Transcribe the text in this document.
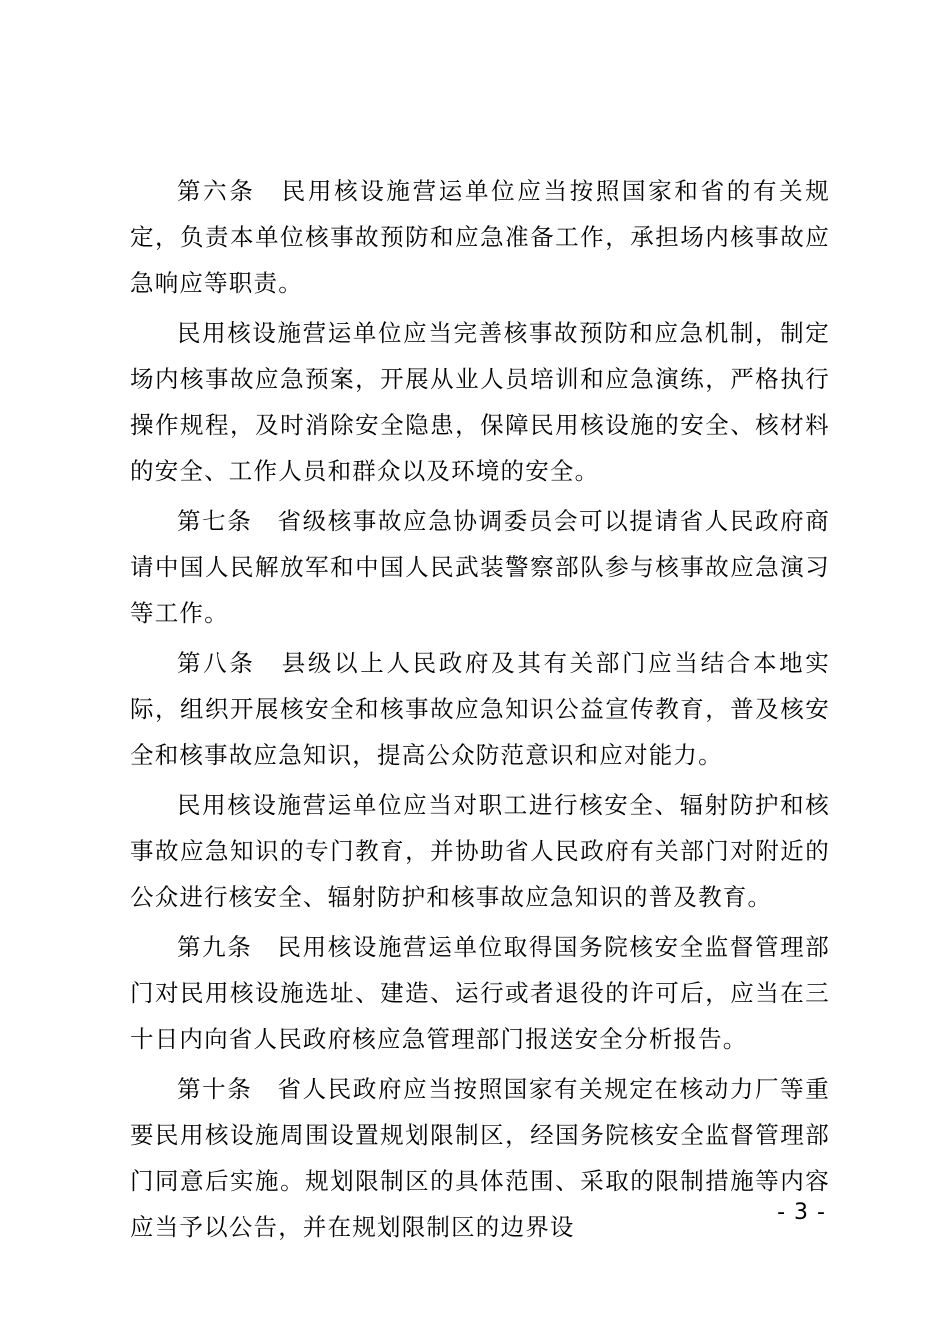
第六条　民用核设施营运单位应当按照国家和省的有关规定，负责本单位核事故预防和应急准备工作，承担场内核事故应急响应等职责。

民用核设施营运单位应当完善核事故预防和应急机制，制定场内核事故应急预案，开展从业人员培训和应急演练，严格执行操作规程，及时消除安全隐患，保障民用核设施的安全、核材料的安全、工作人员和群众以及环境的安全。

第七条　省级核事故应急协调委员会可以提请省人民政府商请中国人民解放军和中国人民武装警察部队参与核事故应急演习等工作。

第八条　县级以上人民政府及其有关部门应当结合本地实际，组织开展核安全和核事故应急知识公益宣传教育，普及核安全和核事故应急知识，提高公众防范意识和应对能力。

民用核设施营运单位应当对职工进行核安全、辐射防护和核事故应急知识的专门教育，并协助省人民政府有关部门对附近的公众进行核安全、辐射防护和核事故应急知识的普及教育。

第九条　民用核设施营运单位取得国务院核安全监督管理部门对民用核设施选址、建造、运行或者退役的许可后，应当在三十日内向省人民政府核应急管理部门报送安全分析报告。

第十条　省人民政府应当按照国家有关规定在核动力厂等重要民用核设施周围设置规划限制区，经国务院核安全监督管理部门同意后实施。规划限制区的具体范围、采取的限制措施等内容应当予以公告，并在规划限制区的边界设

- 3 -
